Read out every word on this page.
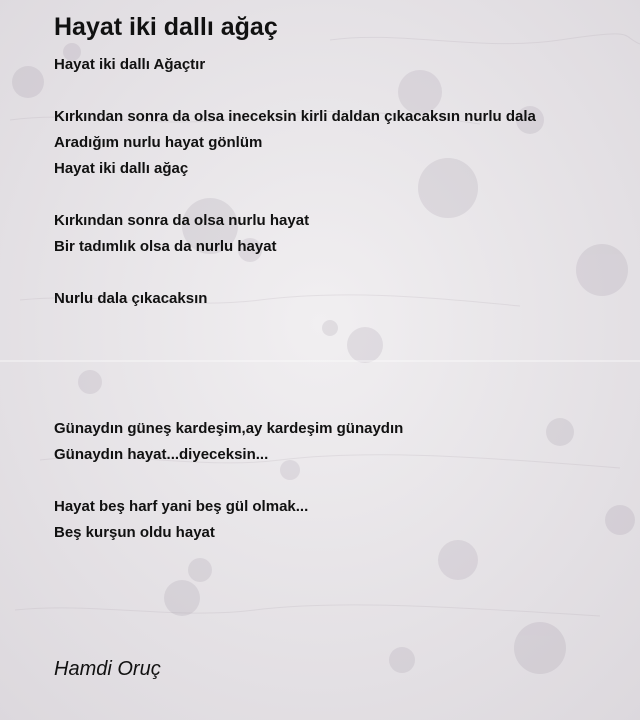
Hayat iki dallı ağaç
Hayat iki dallı Ağaçtır
Kırkından sonra da olsa ineceksin kirli daldan çıkacaksın nurlu dala
Aradığım nurlu hayat gönlüm
Hayat iki dallı ağaç
Kırkından sonra da olsa nurlu hayat
Bir tadımlık olsa da nurlu hayat
Nurlu dala çıkacaksın
Günaydın güneş kardeşim,ay kardeşim günaydın
Günaydın hayat...diyeceksin...
Hayat beş harf yani beş gül olmak...
Beş kurşun oldu hayat
Hamdi Oruç
